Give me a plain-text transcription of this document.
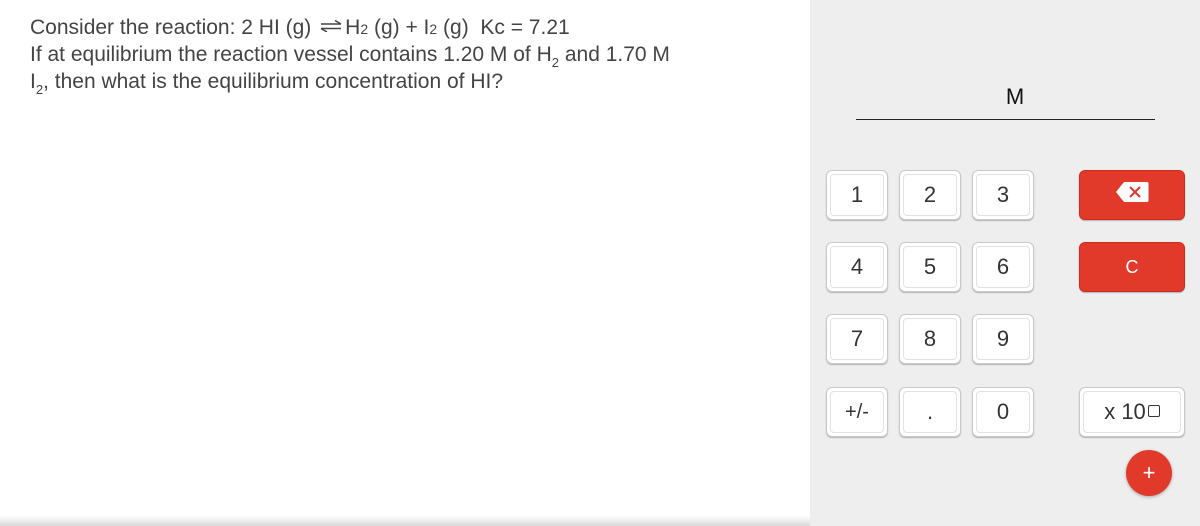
Consider the reaction: 2 HI (g) ⇌ H2 (g) + I2 (g)  Kc = 7.21

If at equilibrium the reaction vessel contains 1.20 M of $H_2$ and 1.70 M

$I_2$, then what is the equilibrium concentration of HI?

M
1	2	3
4	5	6	C
7	8	9
+/-	.	0	x 10
+
